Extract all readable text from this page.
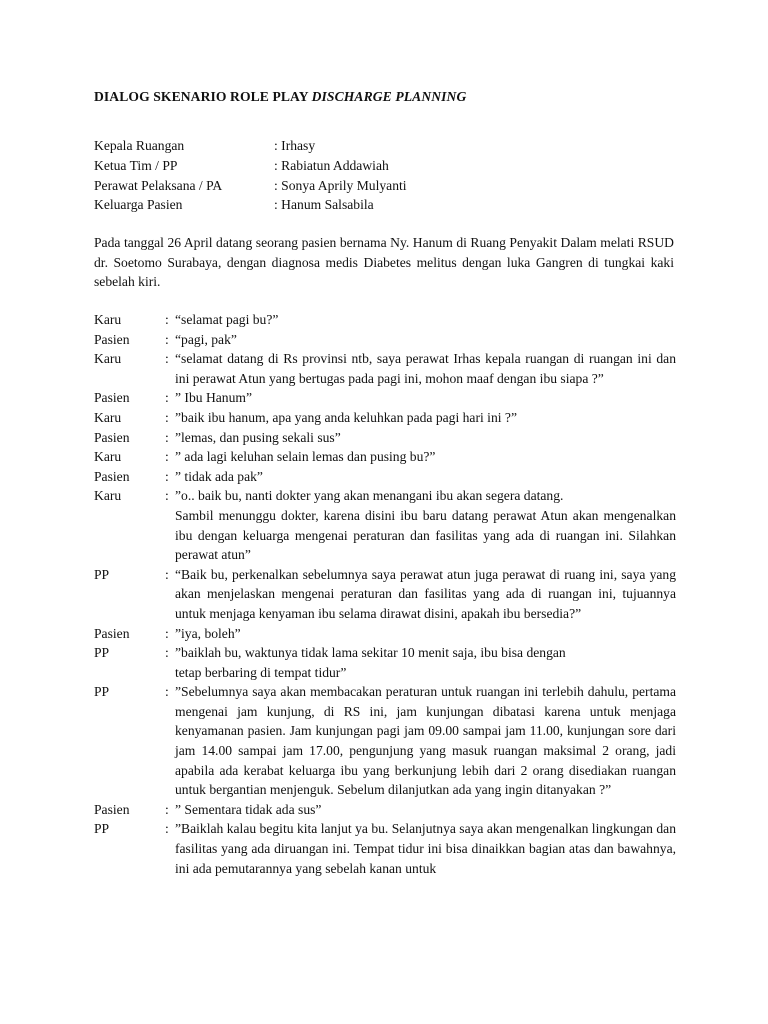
DIALOG SKENARIO ROLE PLAY DISCHARGE PLANNING
Kepala Ruangan	: Irhasy
Ketua Tim / PP	: Rabiatun Addawiah
Perawat Pelaksana / PA	: Sonya Aprily Mulyanti
Keluarga Pasien	: Hanum Salsabila

Pada tanggal 26 April datang seorang pasien bernama Ny. Hanum di Ruang Penyakit Dalam melati RSUD dr. Soetomo Surabaya, dengan diagnosa medis Diabetes melitus dengan luka Gangren di tungkai kaki sebelah kiri.

Karu	: “selamat pagi bu?”
Pasien	: “pagi, pak”
Karu	: “selamat datang di Rs provinsi ntb, saya perawat Irhas kepala ruangan di ruangan ini dan ini perawat Atun yang bertugas pada pagi ini, mohon maaf dengan ibu siapa ?”
Pasien	: ” Ibu Hanum”
Karu	: ”baik ibu hanum, apa yang anda keluhkan pada pagi hari ini ?”
Pasien	: ”lemas, dan pusing sekali sus”
Karu	: ” ada lagi keluhan selain lemas dan pusing bu?”
Pasien	: ” tidak ada pak”
Karu	: ”o.. baik bu, nanti dokter yang akan menangani ibu akan segera datang.
Sambil menunggu dokter, karena disini ibu baru datang perawat Atun akan mengenalkan ibu dengan keluarga mengenai peraturan dan fasilitas yang ada di ruangan ini. Silahkan perawat atun”
PP	: “Baik bu, perkenalkan sebelumnya saya perawat atun juga perawat di ruang ini, saya yang akan menjelaskan mengenai peraturan dan fasilitas yang ada di ruangan ini, tujuannya untuk menjaga kenyaman ibu selama dirawat disini, apakah ibu bersedia?”
Pasien	: ”iya, boleh”
PP	: ”baiklah bu, waktunya tidak lama sekitar 10 menit saja, ibu bisa dengan
tetap berbaring di tempat tidur”
PP	: ”Sebelumnya saya akan membacakan peraturan untuk ruangan ini terlebih dahulu, pertama mengenai jam kunjung, di RS ini, jam kunjungan dibatasi karena untuk menjaga kenyamanan pasien. Jam kunjungan pagi jam 09.00 sampai jam 11.00, kunjungan sore dari jam 14.00 sampai jam 17.00, pengunjung yang masuk ruangan maksimal 2 orang, jadi apabila ada kerabat keluarga ibu yang berkunjung lebih dari 2 orang disediakan ruangan untuk bergantian menjenguk. Sebelum dilanjutkan ada yang ingin ditanyakan ?”
Pasien	: ” Sementara tidak ada sus”
PP	: ”Baiklah kalau begitu kita lanjut ya bu. Selanjutnya saya akan mengenalkan lingkungan dan fasilitas yang ada diruangan ini. Tempat tidur ini bisa dinaikkan bagian atas dan bawahnya, ini ada pemutarannya yang sebelah kanan untuk
